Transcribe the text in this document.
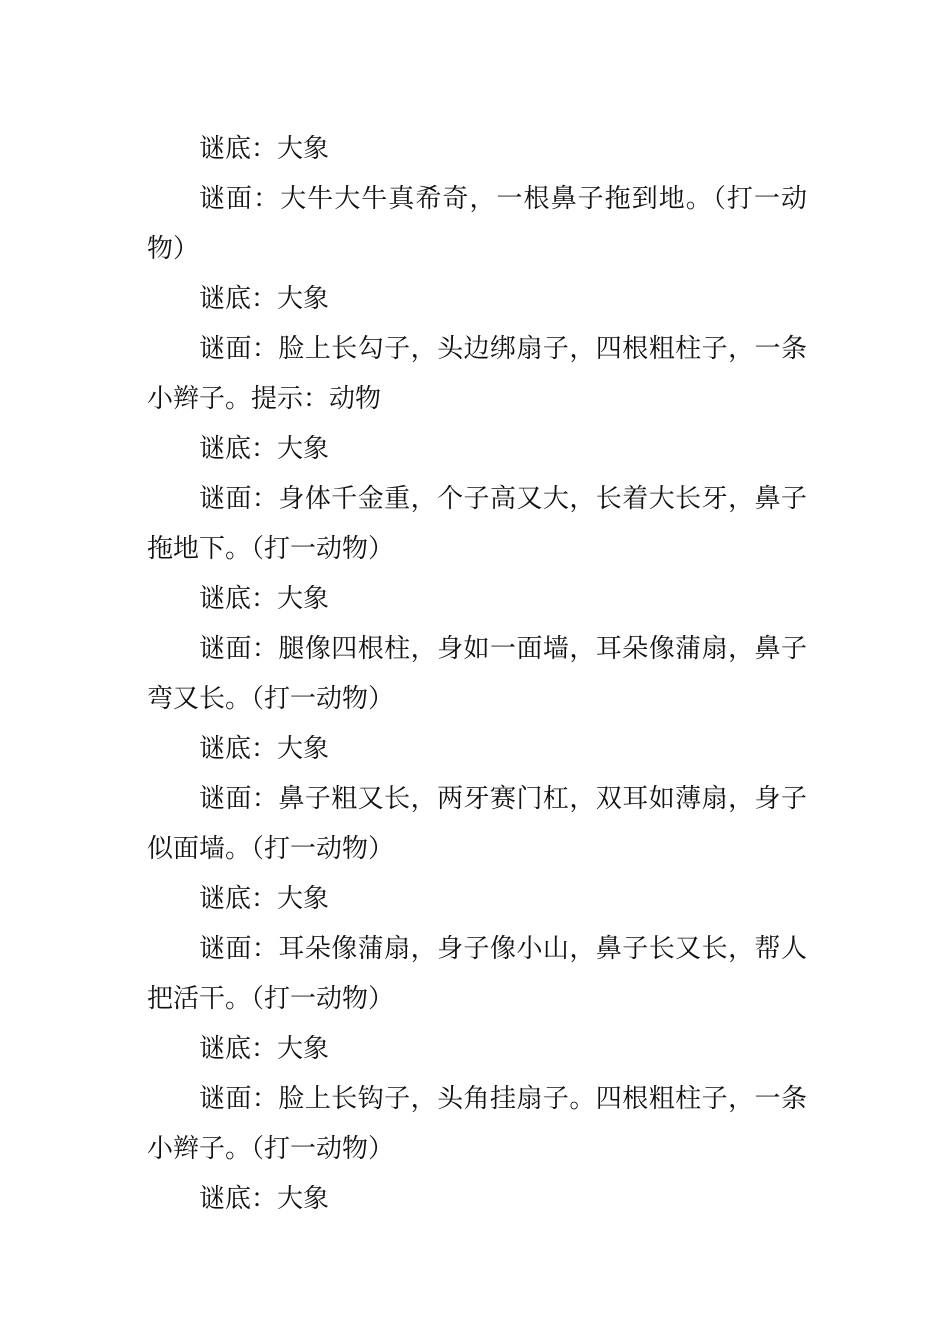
谜底：大象

谜面：大牛大牛真希奇，一根鼻子拖到地。（打一动物）

谜底：大象

谜面：脸上长勾子，头边绑扇子，四根粗柱子，一条小辫子。提示：动物

谜底：大象

谜面：身体千金重，个子高又大，长着大长牙，鼻子拖地下。（打一动物）

谜底：大象

谜面：腿像四根柱，身如一面墙，耳朵像蒲扇，鼻子弯又长。（打一动物）

谜底：大象

谜面：鼻子粗又长，两牙赛门杠，双耳如薄扇，身子似面墙。（打一动物）

谜底：大象

谜面：耳朵像蒲扇，身子像小山，鼻子长又长，帮人把活干。（打一动物）

谜底：大象

谜面：脸上长钩子，头角挂扇子。四根粗柱子，一条小辫子。（打一动物）

谜底：大象
